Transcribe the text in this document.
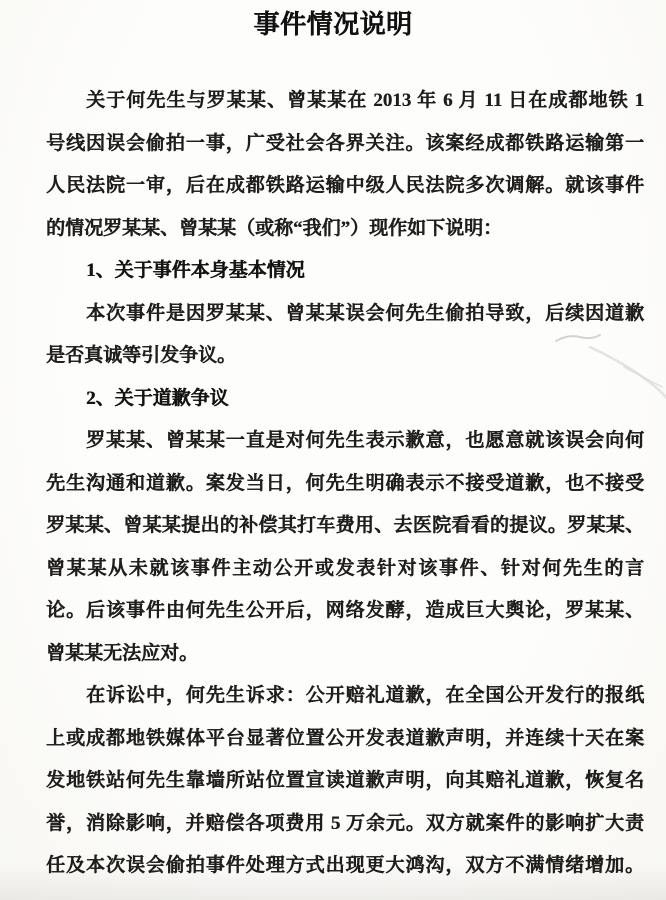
事件情况说明
关于何先生与罗某某、曾某某在 2013 年 6 月 11 日在成都地铁 1
号线因误会偷拍一事，广受社会各界关注。该案经成都铁路运输第一
人民法院一审，后在成都铁路运输中级人民法院多次调解。就该事件
的情况罗某某、曾某某（或称“我们”）现作如下说明：
1、关于事件本身基本情况
本次事件是因罗某某、曾某某误会何先生偷拍导致，后续因道歉
是否真诚等引发争议。
2、关于道歉争议
罗某某、曾某某一直是对何先生表示歉意，也愿意就该误会向何
先生沟通和道歉。案发当日，何先生明确表示不接受道歉，也不接受
罗某某、曾某某提出的补偿其打车费用、去医院看看的提议。罗某某、
曾某某从未就该事件主动公开或发表针对该事件、针对何先生的言
论。后该事件由何先生公开后，网络发酵，造成巨大舆论，罗某某、
曾某某无法应对。
在诉讼中，何先生诉求：公开赔礼道歉，在全国公开发行的报纸
上或成都地铁媒体平台显著位置公开发表道歉声明，并连续十天在案
发地铁站何先生靠墙所站位置宣读道歉声明，向其赔礼道歉，恢复名
誉，消除影响，并赔偿各项费用 5 万余元。双方就案件的影响扩大责
任及本次误会偷拍事件处理方式出现更大鸿沟，双方不满情绪增加。
